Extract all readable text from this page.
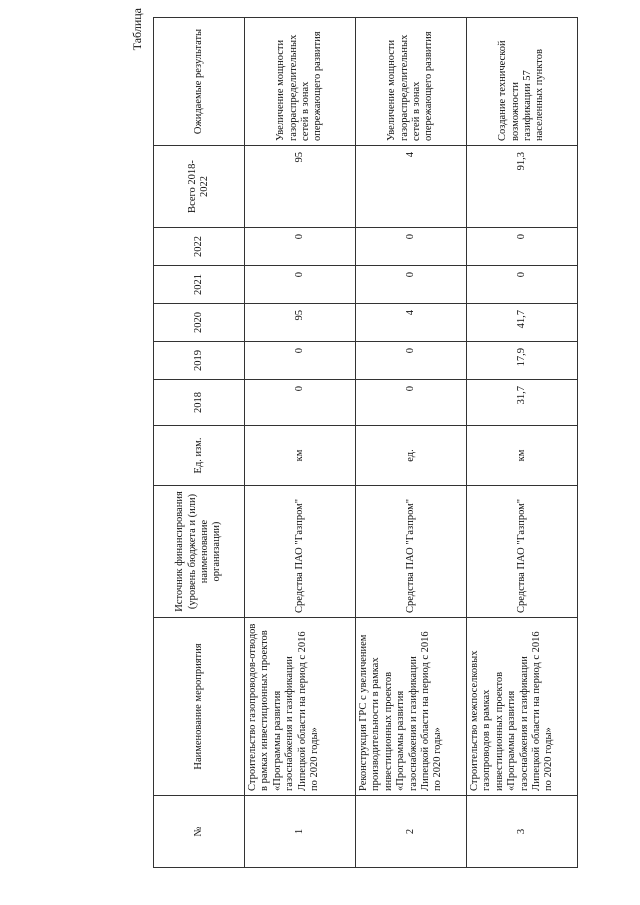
Таблица
№	Наименование мероприятия	Источник финансирования (уровень бюджета и (или) наименование организации)	Ед. изм.	2018	2019	2020	2021	2022	Всего 2018-2022	Ожидаемые результаты
1	Строительство газопроводов-отводов в рамках инвестиционных проектов «Программы развития газоснабжения и газификации Липецкой области на период с 2016 по 2020 годы»	Средства ПАО "Газпром"	км	0	0	95	0	0	95	Увеличение мощности газораспределительных сетей в зонах опережающего развития
2	Реконструкция ГРС с увеличением производительности в рамках инвестиционных проектов «Программы развития газоснабжения и газификации Липецкой области на период с 2016 по 2020 годы»	Средства ПАО "Газпром"	ед.	0	0	4	0	0	4	Увеличение мощности газораспределительных сетей в зонах опережающего развития
3	Строительство межпоселковых газопроводов в рамках инвестиционных проектов «Программы развития газоснабжения и газификации Липецкой области на период с 2016 по 2020 годы»	Средства ПАО "Газпром"	км	31,7	17,9	41,7	0	0	91,3	Создание технической возможности газификации 57 населенных пунктов
